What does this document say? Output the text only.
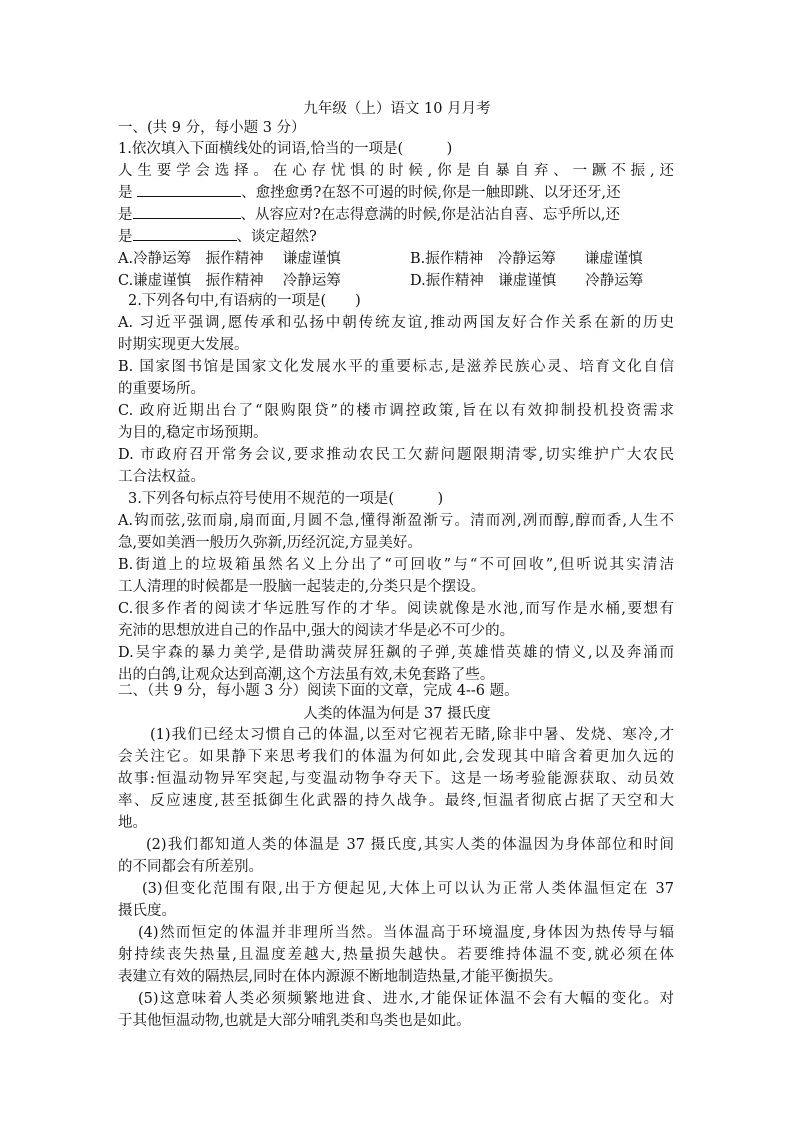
九年级（上）语文 10 月月考
一、(共 9 分，每小题 3 分）
1.依次填入下面横线处的词语,恰当的一项是(　　　)
人生要学会选择。在心存忧惧的时候,你是自暴自弃、一蹶不振,还
是	、愈挫愈勇?在怒不可遏的时候,你是一触即跳、以牙还牙,还
是	、从容应对?在志得意满的时候,你是沾沾自喜、忘乎所以,还
是	、谈定超然?
A.冷静运筹　振作精神　 谦虚谨慎	B.振作精神　冷静运筹　　谦虚谨慎
C.谦虚谨慎　振作精神　 冷静运筹	D.振作精神　谦虚谨慎　　冷静运筹
2.下列各句中,有语病的一项是(　　)
A. 习近平强调,愿传承和弘扬中朝传统友谊,推动两国友好合作关系在新的历史
时期实现更大发展。
B. 国家图书馆是国家文化发展水平的重要标志,是滋养民族心灵、培育文化自信
的重要场所。
C. 政府近期出台了“限购限贷”的楼市调控政策,旨在以有效抑制投机投资需求
为目的,稳定市场预期。
D. 市政府召开常务会议,要求推动农民工欠薪问题限期清零,切实维护广大农民
工合法权益。
3.下列各句标点符号使用不规范的一项是(　　　)
A.钩而弦,弦而扇,扇而面,月圆不急,懂得渐盈渐亏。清而冽,冽而醇,醇而香,人生不
急,要如美酒一般历久弥新,历经沉淀,方显美好。
B.街道上的垃圾箱虽然名义上分出了“可回收”与“不可回收”,但听说其实清洁
工人清理的时候都是一股脑一起装走的,分类只是个摆设。
C.很多作者的阅读才华远胜写作的才华。阅读就像是水池,而写作是水桶,要想有
充沛的思想放进自己的作品中,强大的阅读才华是必不可少的。
D.吴宇森的暴力美学,是借助满荧屏狂飙的子弹,英雄惜英雄的情义,以及奔涌而
出的白鸽,让观众达到高潮,这个方法虽有效,未免套路了些。
二、（共 9 分，每小题 3 分）阅读下面的文章，完成 4--6 题。
人类的体温为何是 37 摄氏度
(1)我们已经太习惯自己的体温,以至对它视若无睹,除非中暑、发烧、寒冷,才
会关注它。如果静下来思考我们的体温为何如此,会发现其中暗含着更加久远的
故事:恒温动物异军突起,与变温动物争夺天下。这是一场考验能源获取、动员效
率、反应速度,甚至抵御生化武器的持久战争。最终,恒温者彻底占据了天空和大
地。
(2)我们都知道人类的体温是 37 摄氏度,其实人类的体温因为身体部位和时间
的不同都会有所差别。
(3)但变化范围有限,出于方便起见,大体上可以认为正常人类体温恒定在 37
摄氏度。
(4)然而恒定的体温并非理所当然。当体温高于环境温度,身体因为热传导与辐
射持续丧失热量,且温度差越大,热量损失越快。若要维持体温不变,就必须在体
表建立有效的隔热层,同时在体内源源不断地制造热量,才能平衡损失。
(5)这意味着人类必须频繁地进食、进水,才能保证体温不会有大幅的变化。对
于其他恒温动物,也就是大部分哺乳类和鸟类也是如此。
